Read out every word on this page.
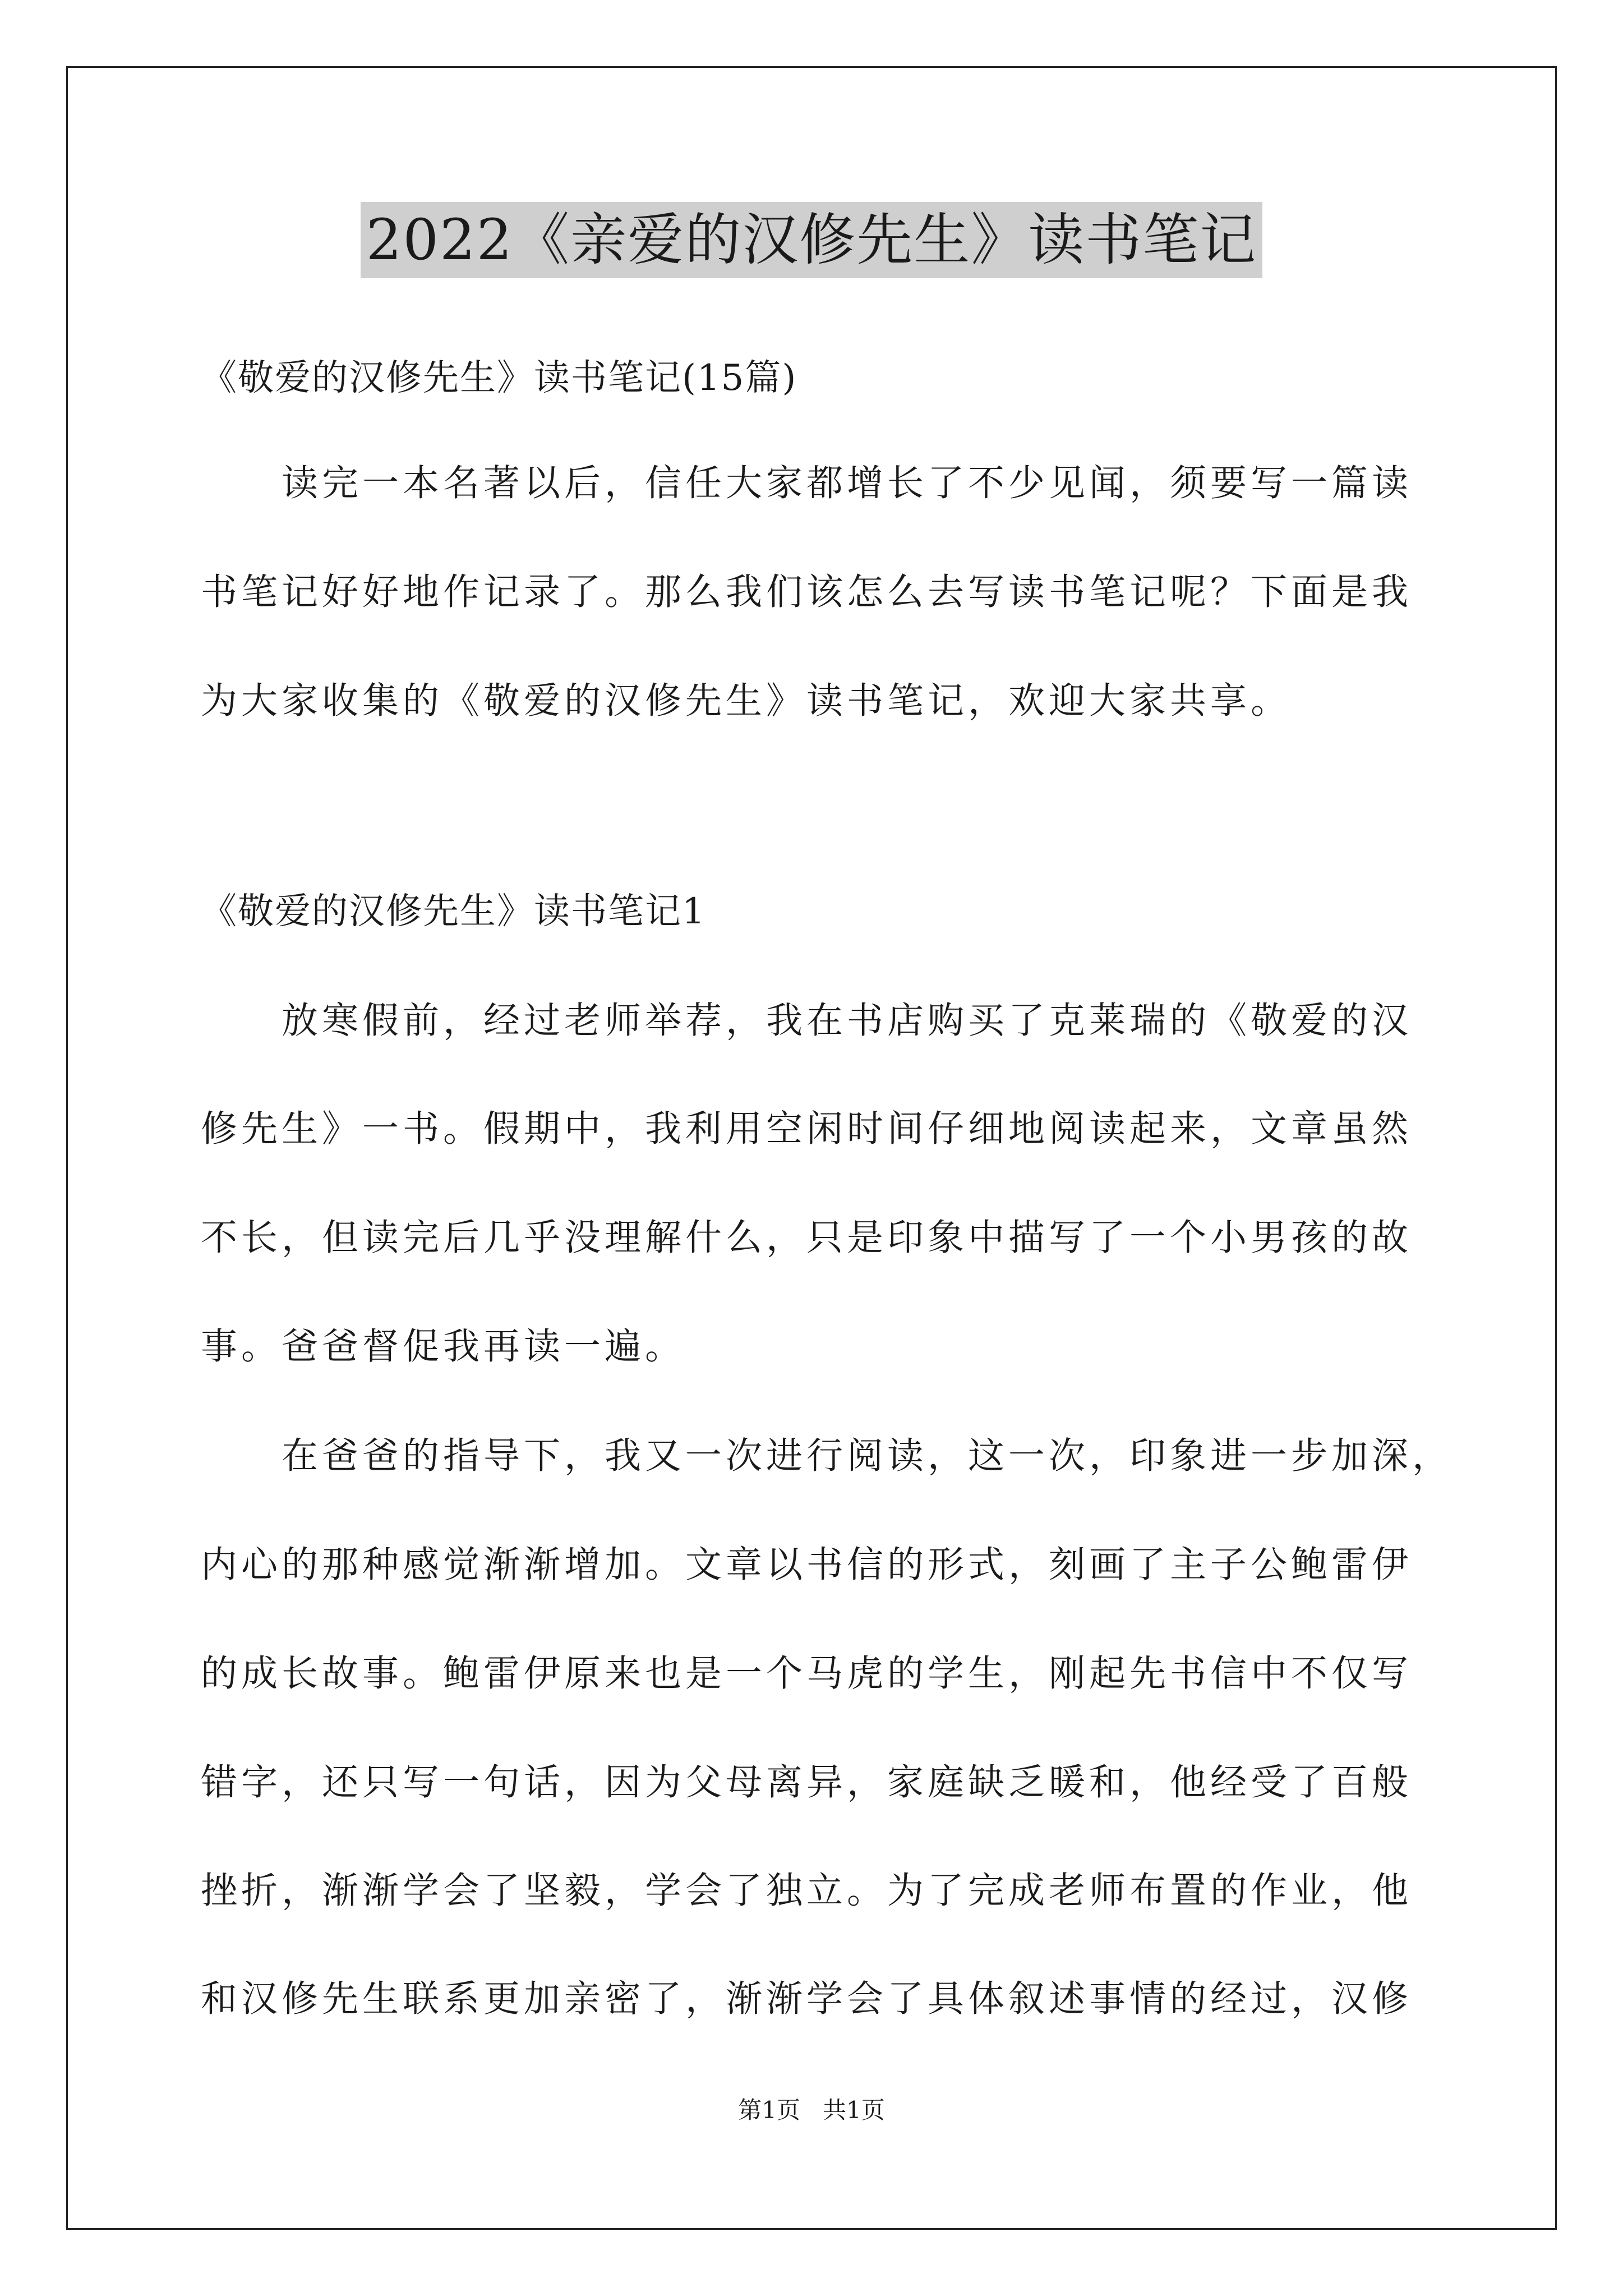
2022《亲爱的汉修先生》读书笔记
《敬爱的汉修先生》读书笔记(15篇)
读完一本名著以后，信任大家都增长了不少见闻，须要写一篇读
书笔记好好地作记录了。那么我们该怎么去写读书笔记呢？下面是我
为大家收集的《敬爱的汉修先生》读书笔记，欢迎大家共享。
《敬爱的汉修先生》读书笔记1
放寒假前，经过老师举荐，我在书店购买了克莱瑞的《敬爱的汉
修先生》一书。假期中，我利用空闲时间仔细地阅读起来，文章虽然
不长，但读完后几乎没理解什么，只是印象中描写了一个小男孩的故
事。爸爸督促我再读一遍。
在爸爸的指导下，我又一次进行阅读，这一次，印象进一步加深，
内心的那种感觉渐渐增加。文章以书信的形式，刻画了主子公鲍雷伊
的成长故事。鲍雷伊原来也是一个马虎的学生，刚起先书信中不仅写
错字，还只写一句话，因为父母离异，家庭缺乏暖和，他经受了百般
挫折，渐渐学会了坚毅，学会了独立。为了完成老师布置的作业，他
和汉修先生联系更加亲密了，渐渐学会了具体叙述事情的经过，汉修
第1页   共1页
